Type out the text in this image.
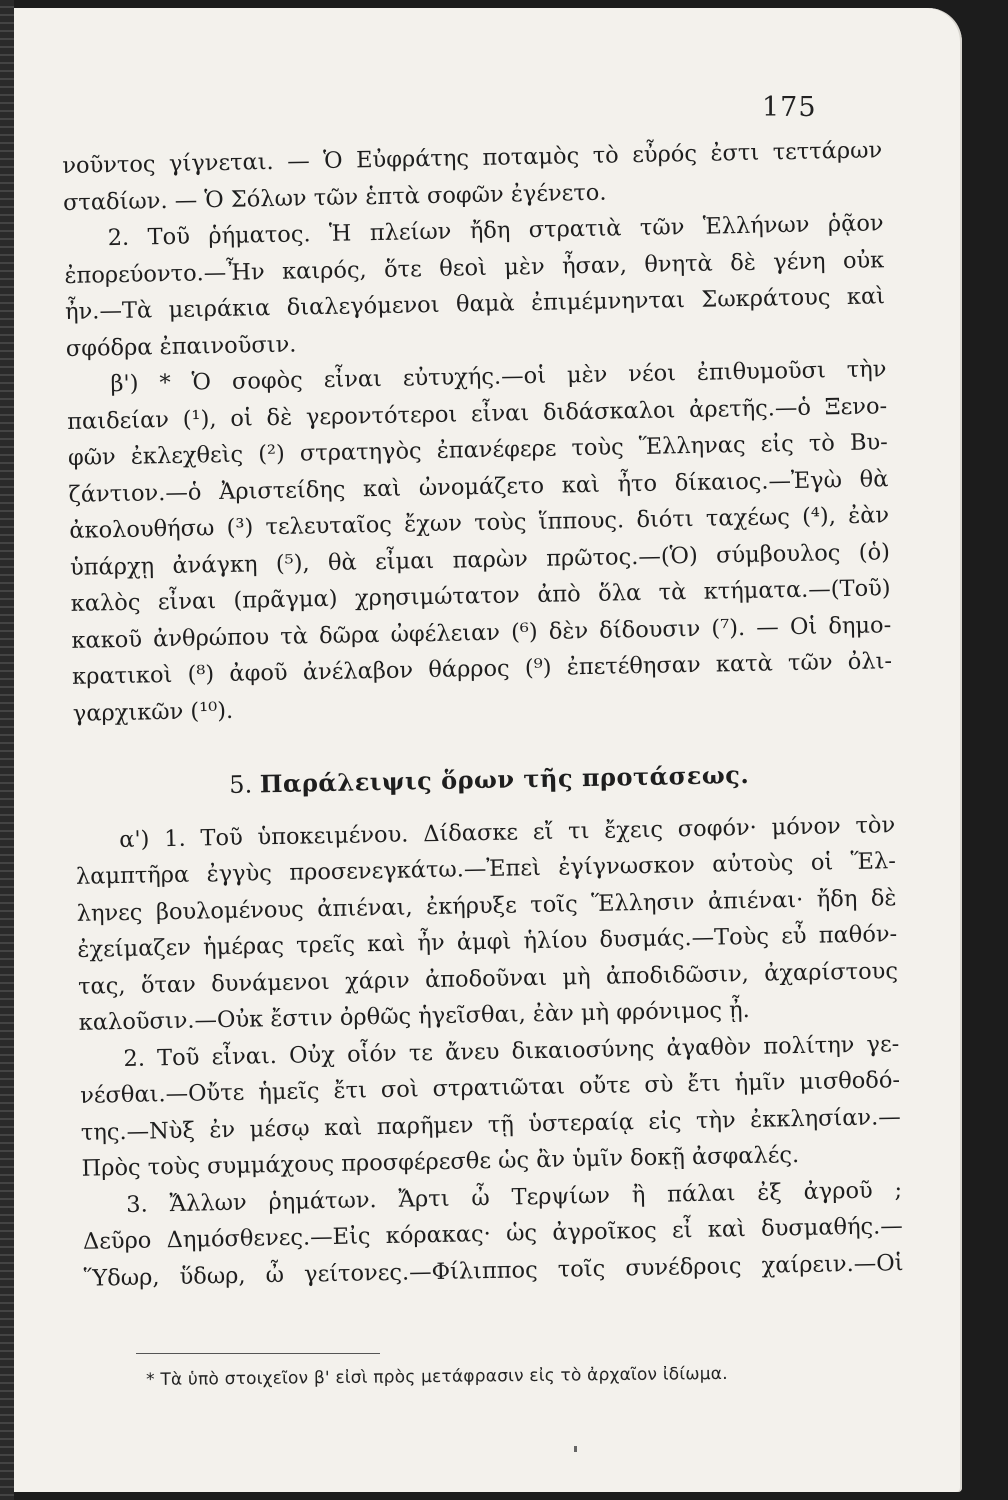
175
νοῦντος γίγνεται. — Ὁ Εὐφράτης ποταμὸς τὸ εὖρός ἐστι τεττάρων
σταδίων. — Ὁ Σόλων τῶν ἑπτὰ σοφῶν ἐγένετο.
2. Τοῦ ῥήματος. Ἡ πλείων ἤδη στρατιὰ τῶν Ἑλλήνων ῥᾷον
ἐπορεύοντο.—Ἦν καιρός, ὅτε θεοὶ μὲν ἦσαν, θνητὰ δὲ γένη οὐκ
ἦν.—Τὰ μειράκια διαλεγόμενοι θαμὰ ἐπιμέμνηνται Σωκράτους καὶ
σφόδρα ἐπαινοῦσιν.
β') * Ὁ σοφὸς εἶναι εὐτυχής.—οἱ μὲν νέοι ἐπιθυμοῦσι τὴν
παιδείαν (¹), οἱ δὲ γεροντότεροι εἶναι διδάσκαλοι ἀρετῆς.—ὁ Ξενο-
φῶν ἐκλεχθεὶς (²) στρατηγὸς ἐπανέφερε τοὺς Ἕλληνας εἰς τὸ Βυ-
ζάντιον.—ὁ Ἀριστείδης καὶ ὠνομάζετο καὶ ἦτο δίκαιος.—Ἐγὼ θὰ
ἀκολουθήσω (³) τελευταῖος ἔχων τοὺς ἵππους. διότι ταχέως (⁴), ἐὰν
ὑπάρχῃ ἀνάγκη (⁵), θὰ εἶμαι παρὼν πρῶτος.—(Ὁ) σύμβουλος (ὁ)
καλὸς εἶναι (πρᾶγμα) χρησιμώτατον ἀπὸ ὅλα τὰ κτήματα.—(Τοῦ)
κακοῦ ἀνθρώπου τὰ δῶρα ὠφέλειαν (⁶) δὲν δίδουσιν (⁷). — Οἱ δημο-
κρατικοὶ (⁸) ἀφοῦ ἀνέλαβον θάρρος (⁹) ἐπετέθησαν κατὰ τῶν ὀλι-
γαρχικῶν (¹⁰).
5. Παράλειψις ὅρων τῆς προτάσεως.
α') 1. Τοῦ ὑποκειμένου. Δίδασκε εἴ τι ἔχεις σοφόν· μόνον τὸν
λαμπτῆρα ἐγγὺς προσενεγκάτω.—Ἐπεὶ ἐγίγνωσκον αὐτοὺς οἱ Ἕλ-
ληνες βουλομένους ἀπιέναι, ἐκήρυξε τοῖς Ἕλλησιν ἀπιέναι· ἤδη δὲ
ἐχείμαζεν ἡμέρας τρεῖς καὶ ἦν ἀμφὶ ἡλίου δυσμάς.—Τοὺς εὖ παθόν-
τας, ὅταν δυνάμενοι χάριν ἀποδοῦναι μὴ ἀποδιδῶσιν, ἀχαρίστους
καλοῦσιν.—Οὐκ ἔστιν ὀρθῶς ἡγεῖσθαι, ἐὰν μὴ φρόνιμος ᾖ.
2. Τοῦ εἶναι. Οὐχ οἷόν τε ἄνευ δικαιοσύνης ἀγαθὸν πολίτην γε-
νέσθαι.—Οὔτε ἡμεῖς ἔτι σοὶ στρατιῶται οὔτε σὺ ἔτι ἡμῖν μισθοδό-
της.—Νὺξ ἐν μέσῳ καὶ παρῆμεν τῇ ὑστεραίᾳ εἰς τὴν ἐκκλησίαν.—
Πρὸς τοὺς συμμάχους προσφέρεσθε ὡς ἂν ὑμῖν δοκῇ ἀσφαλές.
3. Ἄλλων ῥημάτων. Ἄρτι ὦ Τερψίων ἢ πάλαι ἐξ ἀγροῦ ;
Δεῦρο Δημόσθενες.—Εἰς κόρακας· ὡς ἀγροῖκος εἶ καὶ δυσμαθής.—
Ὕδωρ, ὕδωρ, ὦ γείτονες.—Φίλιππος τοῖς συνέδροις χαίρειν.—Οἱ
* Τὰ ὑπὸ στοιχεῖον β' εἰσὶ πρὸς μετάφρασιν εἰς τὸ ἀρχαῖον ἰδίωμα.
